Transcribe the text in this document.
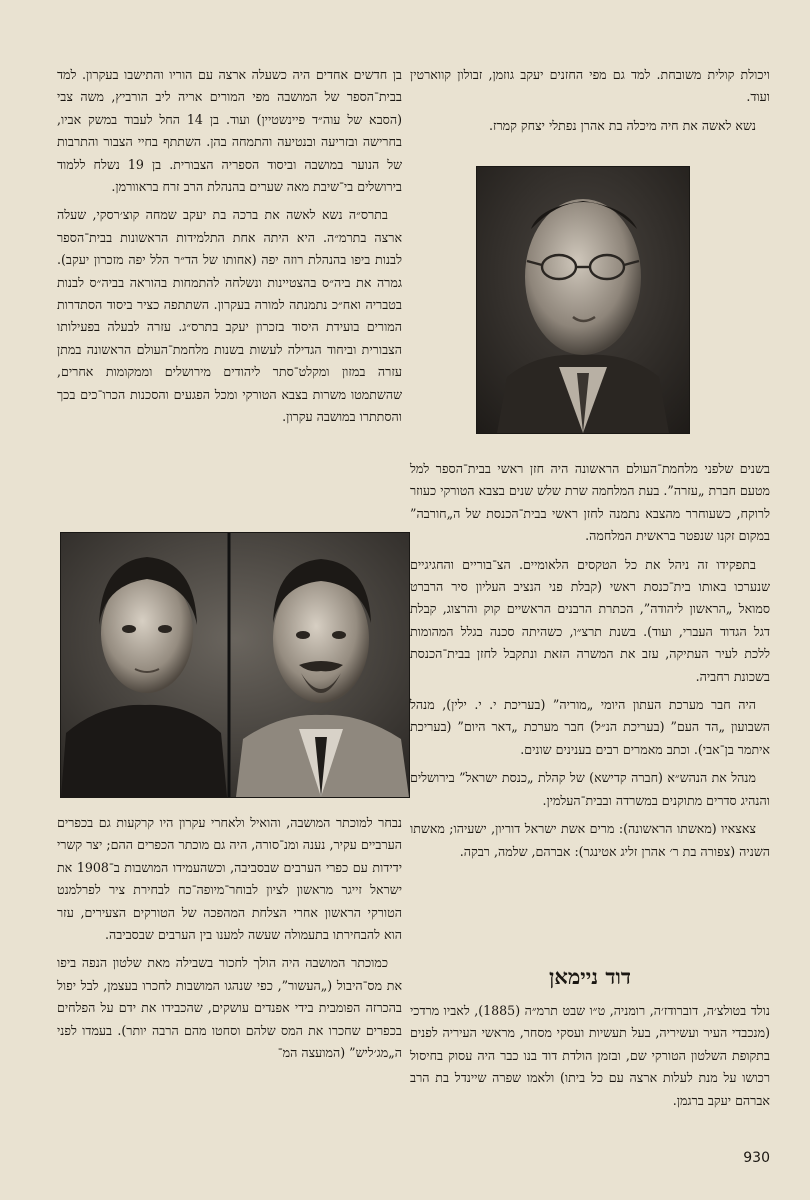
ויכולת קולית משובחת. למד גם מפי החזנים יעקב גוזמן, זבולון קווארטין ועוד.

נשא לאשה את חיה מיכלה בת אהרן נפתלי יצחק קמרז.

בשנים שלפני מלחמת־העולם הראשונה היה חזן ראשי בבית־הספר למל מטעם חברת „עזרה”. בעת המלחמה שרת שלש שנים בצבא הטורקי כעוזר לרוקח, כשעוחרר מהצבא נתמנה לחזן ראשי בבית־הכנסת של ה„חורבה” במקום זקנו שנפטר בראשית המלחמה.

בתפקידו זה ניהל את כל הטקסים הלאומיים. הצ־בוריים והחגיגיים שנערכו באותו בית־כנסת ראשי (קבלת פני הנציב העליון סיר הרברט סמואל „הראשון ליהודה”, הכתרת הרבנים הראשיים קוק והרצוג, קבלת דגל הגדוד העברי, ועוד). בשנת תרצ״ו, כשהיתה סכנה בגלל המהומות ללכת לעיר העתיקה, עזב את המשרה הזאת ונתקבל לחזן בבית־הכנסת בשכונת רחביה.

היה חבר מערכת העתון היומי „מוריה” (בעריכת י. י. ילין), מנהל השבועון „הד העם” (בעריכת הנ״ל) חבר מערכת „דאר היום” (בעריכת איתמר בן־אבי). וכתב מאמרים רבים בענינים שונים.

מנהל את הנהש״א (חברה קדישא) של קהלת „כנסת ישראל” בירושלים והנהיג סדרים מתוקנים במשרדה ובבית־העלמין.

צאצאיו (מאשתו הראשונה): מרים אשת ישראל דוריון, ישעיהו; מאשתו השניה (צפורה בת ר׳ אהרן זליג אטינגר): אברהם, שלמה, רבקה.

דוד ניימאן

נולד בטולצ׳ה, דוברודז׳ה, רומניה, ט״ו שבט תרמ״ה (1885), לאביו מרדכי (מנכבדי העיר ועשיריה, בעל תעשיות ועסקי מסחר, מראשי העיריה לפנים בתקופת השלטון הטורקי שם, ובזמן הולדת דוד בנו כבר היה עסוק בחיסול רכושו על מנת לעלות ארצה עם כל ביתו) ולאמו שפרה שיינדל בת הרב אברהם יעקב ברגמן.

בן חדשים אחדים היה כשעלה ארצה עם הוריו והתישבו בעקרון. למד בבית־הספר של המושבה מפי המורים אריה ליב הורביץ, משה צבי (הסבא של עוה״ד פיינשטיין) ועוד. בן 14 החל לעבוד במשק אביו, בחרישה ובזריעה ובנטיעה והתמחה בהן. השתתף בחיי הצבור והתרבות של הנוער במושבה וביסוד הספריה הצבורית. בן 19 נשלח ללמוד בירושלים בי־שיבת מאה שערים בהנהלת הרב זרח בראוורמן.

בתרס״ה נשא לאשה את ברכה בת יעקב שמחה קוצ׳רסקי, שעלה ארצה בתרמ״ה. היא היתה אחת התלמידות הראשונות בבית־הספר לבנות ביפו בהנהלת רוזה יפה (אחותו של הד״ר הלל יפה מזכרון יעקב). גמרה את ביה״ס בהצטיינות ונשלחה להתמחות בהוראה בביה״ס לבנות בטבריה ואח״כ נתמנתה למורה בעקרון. השתתפה כציר ביסוד הסתדרות המורים בועידת היסוד בזכרון יעקב בתרס״ג. עזרה לבעלה בפעילותו הצבורית וביחוד הגדילה לעשות בשנות מלחמת־העולם הראשונה במתן עזרה במזון ומקלט־סתר ליהודים מירושלים וממקומות אחרים, שהשתמטו משרות בצבא הטורקי ומכל הפגעים והסכנות הכרו־כים בכך והסתתרו במושבה עקרון.

נבחר למוכתר המושבה, והואיל ולאחרי עקרון היו קרקעות גם בכפרים הערביים עקיר, נענה ומנ־סורה, היה גם מוכתר הכפרים ההם; יצר קשרי ידידות עם כפרי הערבים שבסביבה, וכשהעמידו המושבות ב־1908 את ישראל זייגר מראשון לציון לבוחר־מיופה־כח לבחירת ציר לפרלמנט הטורקי הראשון אחרי הצלחת המהפכה של הטורקים הצעירים, עזר הוא להבחירתו בתעמולה שעשה למענו בין הערבים שבסביבה.

כמוכתר המושבה היה הולך לחכור בשבילה מאת שלטון הנפה ביפו את מס־היבול („העשור”, כפי שנהגו המושבות לחכרו בעצמן, לבל יפול בהכרזה הפומבית בידי אפנדים עושקים, שהכבידו את ידם על הפלחים בכפרים שחכרו את המס שלהם וסחטו מהם הרבה יותר). בעמדו לפני ה„מג׳ליש” (המועצה המ־

930
